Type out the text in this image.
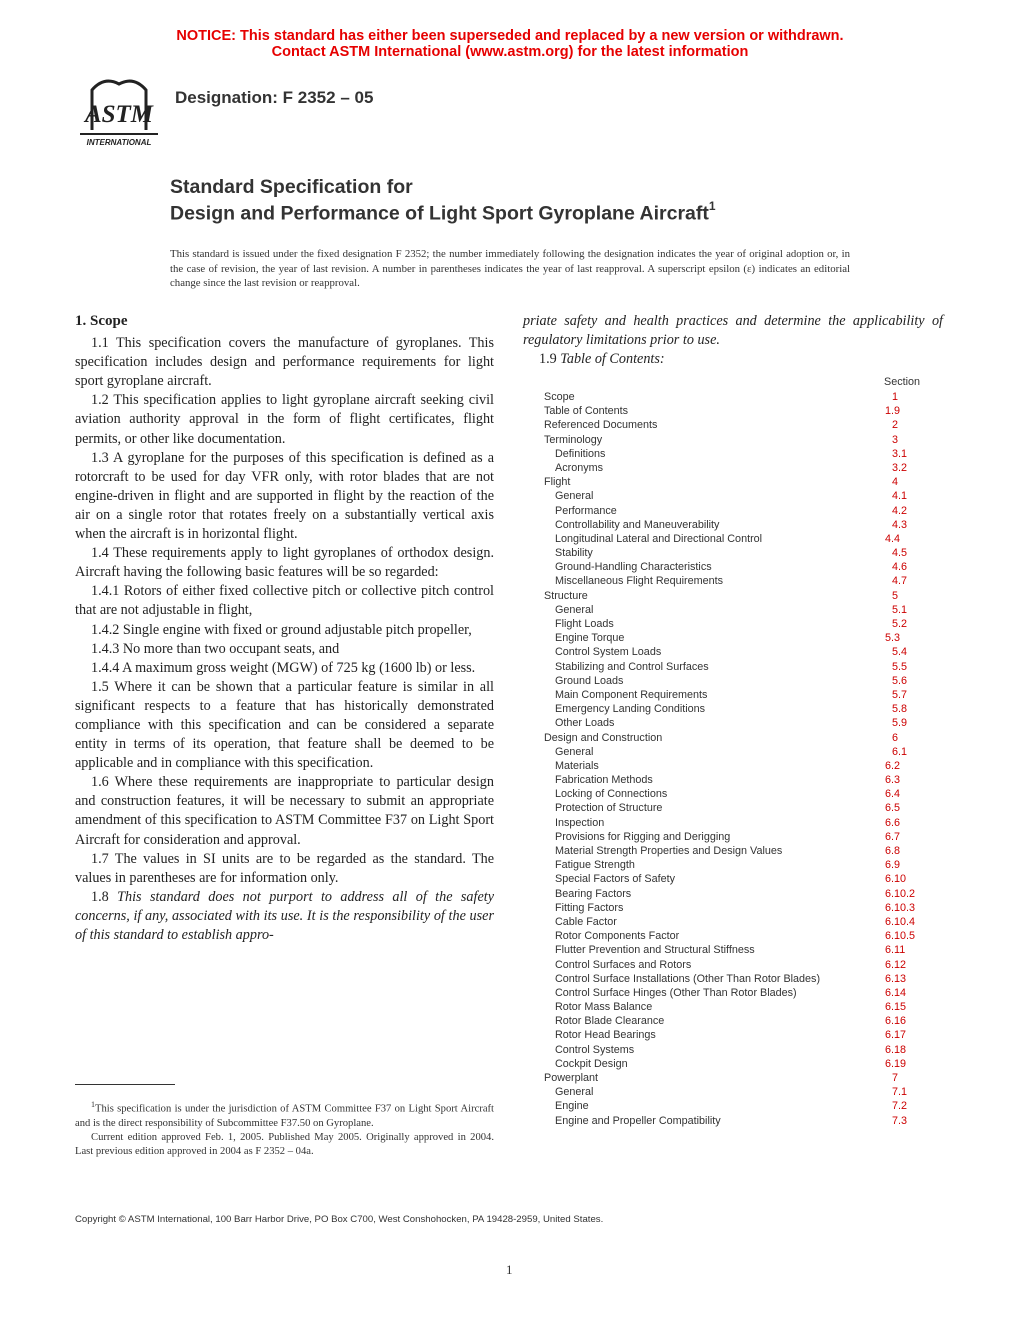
NOTICE: This standard has either been superseded and replaced by a new version or withdrawn.
Contact ASTM International (www.astm.org) for the latest information
ASTM
INTERNATIONAL
Designation: F 2352 – 05
Standard Specification for
Design and Performance of Light Sport Gyroplane Aircraft$^1$
This standard is issued under the fixed designation F 2352; the number immediately following the designation indicates the year of original adoption or, in the case of revision, the year of last revision. A number in parentheses indicates the year of last reapproval. A superscript epsilon (ε) indicates an editorial change since the last revision or reapproval.

1. Scope

1.1 This specification covers the manufacture of gyroplanes. This specification includes design and performance requirements for light sport gyroplane aircraft.

1.2 This specification applies to light gyroplane aircraft seeking civil aviation authority approval in the form of flight certificates, flight permits, or other like documentation.

1.3 A gyroplane for the purposes of this specification is defined as a rotorcraft to be used for day VFR only, with rotor blades that are not engine-driven in flight and are supported in flight by the reaction of the air on a single rotor that rotates freely on a substantially vertical axis when the aircraft is in horizontal flight.

1.4 These requirements apply to light gyroplanes of orthodox design. Aircraft having the following basic features will be so regarded:

1.4.1 Rotors of either fixed collective pitch or collective pitch control that are not adjustable in flight,

1.4.2 Single engine with fixed or ground adjustable pitch propeller,

1.4.3 No more than two occupant seats, and

1.4.4 A maximum gross weight (MGW) of 725 kg (1600 lb) or less.

1.5 Where it can be shown that a particular feature is similar in all significant respects to a feature that has historically demonstrated compliance with this specification and can be considered a separate entity in terms of its operation, that feature shall be deemed to be applicable and in compliance with this specification.

1.6 Where these requirements are inappropriate to particular design and construction features, it will be necessary to submit an appropriate amendment of this specification to ASTM Committee F37 on Light Sport Aircraft for consideration and approval.

1.7 The values in SI units are to be regarded as the standard. The values in parentheses are for information only.

1.8 This standard does not purport to address all of the safety concerns, if any, associated with its use. It is the responsibility of the user of this standard to establish appro-

priate safety and health practices and determine the applicability of regulatory limitations prior to use.

1.9 Table of Contents:

Section
Scope	1
Table of Contents	1.9
Referenced Documents	2
Terminology	3
Definitions	3.1
Acronyms	3.2
Flight	4
General	4.1
Performance	4.2
Controllability and Maneuverability	4.3
Longitudinal Lateral and Directional Control	4.4
Stability	4.5
Ground-Handling Characteristics	4.6
Miscellaneous Flight Requirements	4.7
Structure	5
General	5.1
Flight Loads	5.2
Engine Torque	5.3
Control System Loads	5.4
Stabilizing and Control Surfaces	5.5
Ground Loads	5.6
Main Component Requirements	5.7
Emergency Landing Conditions	5.8
Other Loads	5.9
Design and Construction	6
General	6.1
Materials	6.2
Fabrication Methods	6.3
Locking of Connections	6.4
Protection of Structure	6.5
Inspection	6.6
Provisions for Rigging and Derigging	6.7
Material Strength Properties and Design Values	6.8
Fatigue Strength	6.9
Special Factors of Safety	6.10
Bearing Factors	6.10.2
Fitting Factors	6.10.3
Cable Factor	6.10.4
Rotor Components Factor	6.10.5
Flutter Prevention and Structural Stiffness	6.11
Control Surfaces and Rotors	6.12
Control Surface Installations (Other Than Rotor Blades)	6.13
Control Surface Hinges (Other Than Rotor Blades)	6.14
Rotor Mass Balance	6.15
Rotor Blade Clearance	6.16
Rotor Head Bearings	6.17
Control Systems	6.18
Cockpit Design	6.19
Powerplant	7
General	7.1
Engine	7.2
Engine and Propeller Compatibility	7.3

$^1$This specification is under the jurisdiction of ASTM Committee F37 on Light Sport Aircraft and is the direct responsibility of Subcommittee F37.50 on Gyroplane.

Current edition approved Feb. 1, 2005. Published May 2005. Originally approved in 2004. Last previous edition approved in 2004 as F 2352 – 04a.

Copyright © ASTM International, 100 Barr Harbor Drive, PO Box C700, West Conshohocken, PA 19428-2959, United States.
1
